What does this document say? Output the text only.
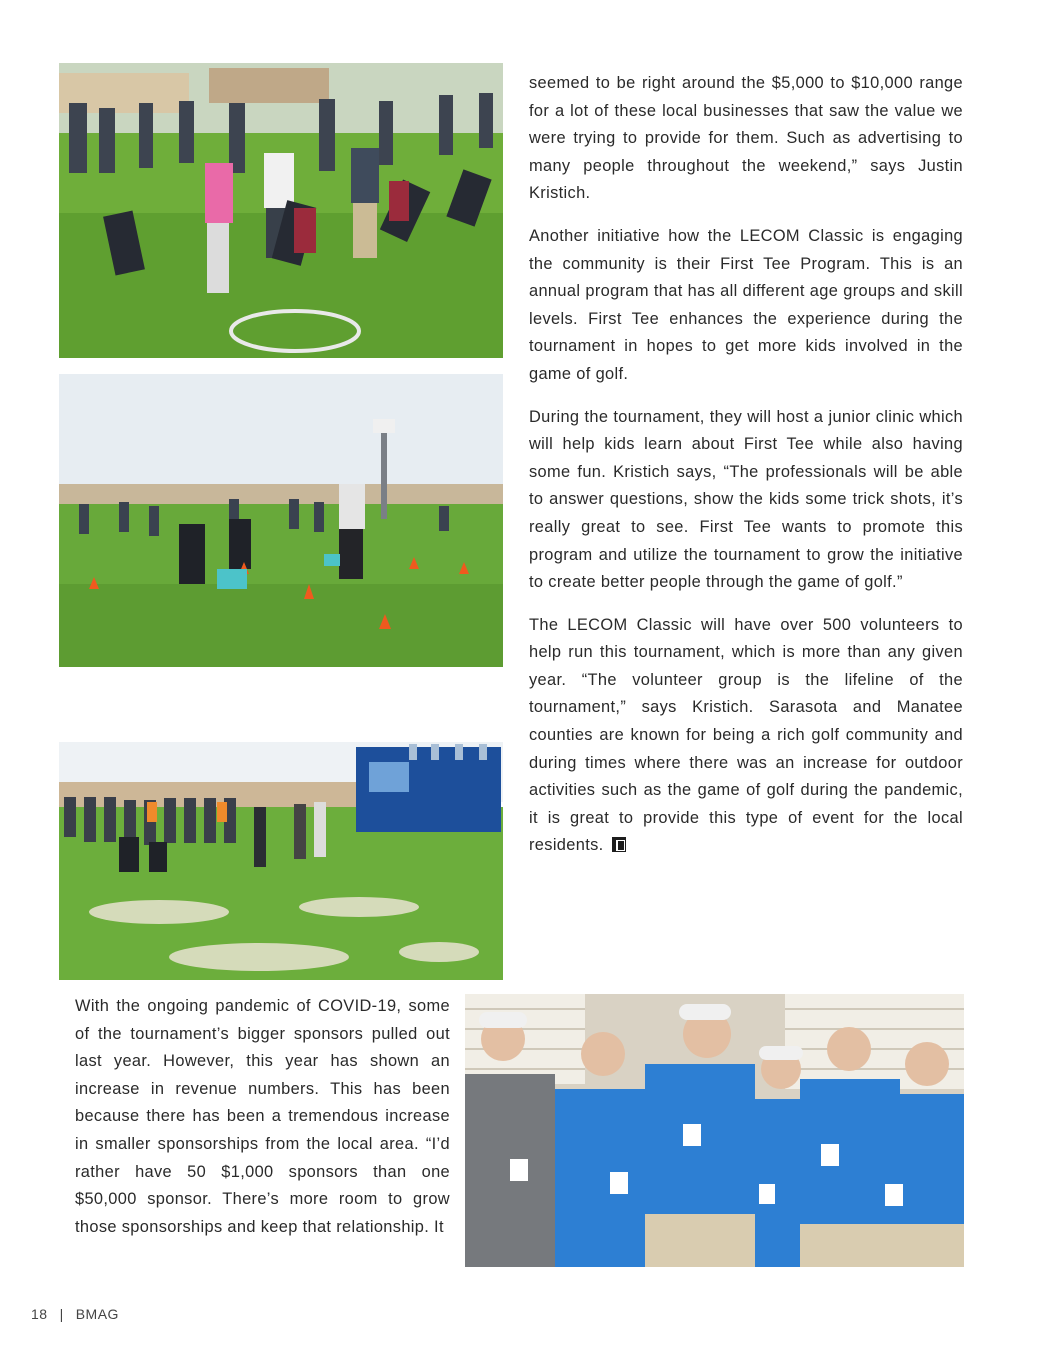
seemed to be right around the $5,000 to $10,000 range for a lot of these local businesses that saw the value we were trying to provide for them. Such as advertising to many people throughout the weekend,” says Justin Kristich.

Another initiative how the LECOM Classic is engaging the community is their First Tee Program. This is an annual program that has all different age groups and skill levels. First Tee enhances the experience during the tournament in hopes to get more kids involved in the game of golf.

During the tournament, they will host a junior clinic which will help kids learn about First Tee while also having some fun. Kristich says, “The professionals will be able to answer questions, show the kids some trick shots, it’s really great to see. First Tee wants to promote this program and utilize the tournament to grow the initiative to create better people through the game of golf.”

The LECOM Classic will have over 500 volunteers to help run this tournament, which is more than any given year. “The volunteer group is the lifeline of the tournament,” says Kristich. Sarasota and Manatee counties are known for being a rich golf community and during times where there was an increase for outdoor activities such as the game of golf during the pandemic, it is great to provide this type of event for the local residents.

With the ongoing pandemic of COVID-19, some of the tournament’s bigger sponsors pulled out last year. However, this year has shown an increase in revenue numbers. This has been because there has been a tremendous increase in smaller sponsorships from the local area. “I’d rather have 50 $1,000 sponsors than one $50,000 sponsor. There’s more room to grow those sponsorships and keep that relationship. It

18 | BMAG
